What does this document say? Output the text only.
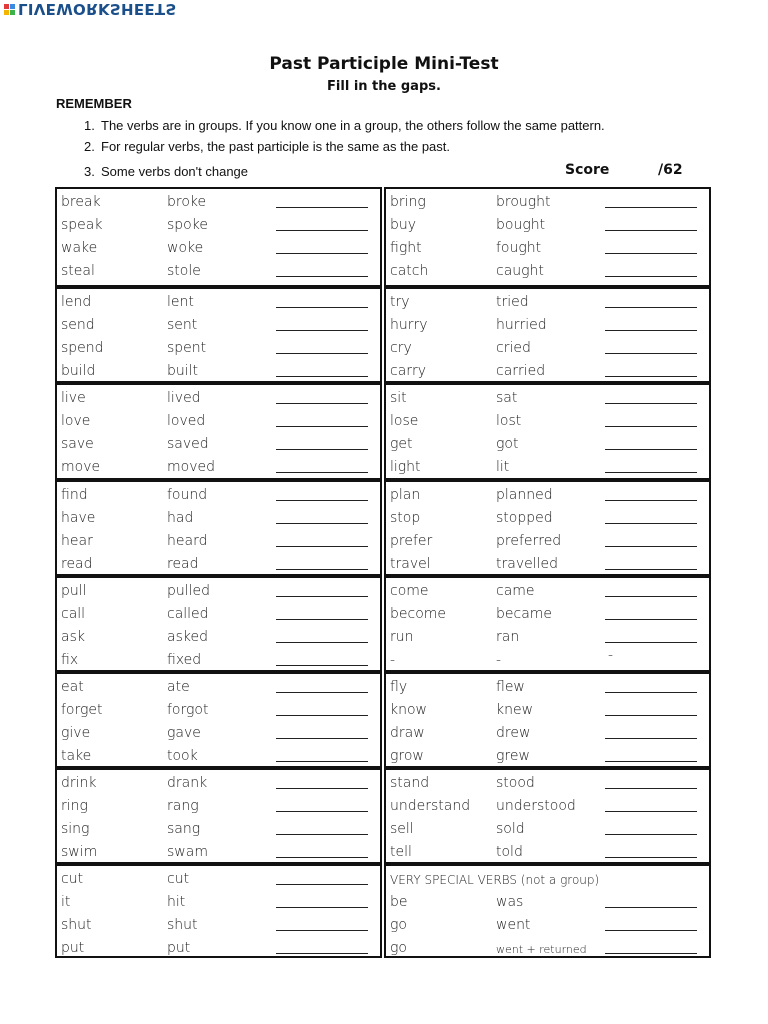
LIVEWORKSHEETS
Past Participle Mini-Test
Fill in the gaps.
REMEMBER
1. The verbs are in groups. If you know one in a group, the others follow the same pattern.
2. For regular verbs, the past participle is the same as the past.
3. Some verbs don't change	Score	/62
break	broke
speak	spoke
wake	woke
steal	stole
lend	lent
send	sent
spend	spent
build	built
live	lived
love	loved
save	saved
move	moved
find	found
have	had
hear	heard
read	read
pull	pulled
call	called
ask	asked
fix	fixed
eat	ate
forget	forgot
give	gave
take	took
drink	drank
ring	rang
sing	sang
swim	swam
cut	cut
it	hit
shut	shut
put	put
bring	brought
buy	bought
fight	fought
catch	caught
try	tried
hurry	hurried
cry	cried
carry	carried
sit	sat
lose	lost
get	got
light	lit
plan	planned
stop	stopped
prefer	preferred
travel	travelled
come	came
become	became
run	ran
-	-	-
fly	flew
know	knew
draw	drew
grow	grew
stand	stood
understand understood
sell	sold
tell	told
VERY SPECIAL VERBS (not a group)
be	was
go	went
go	went + returned
